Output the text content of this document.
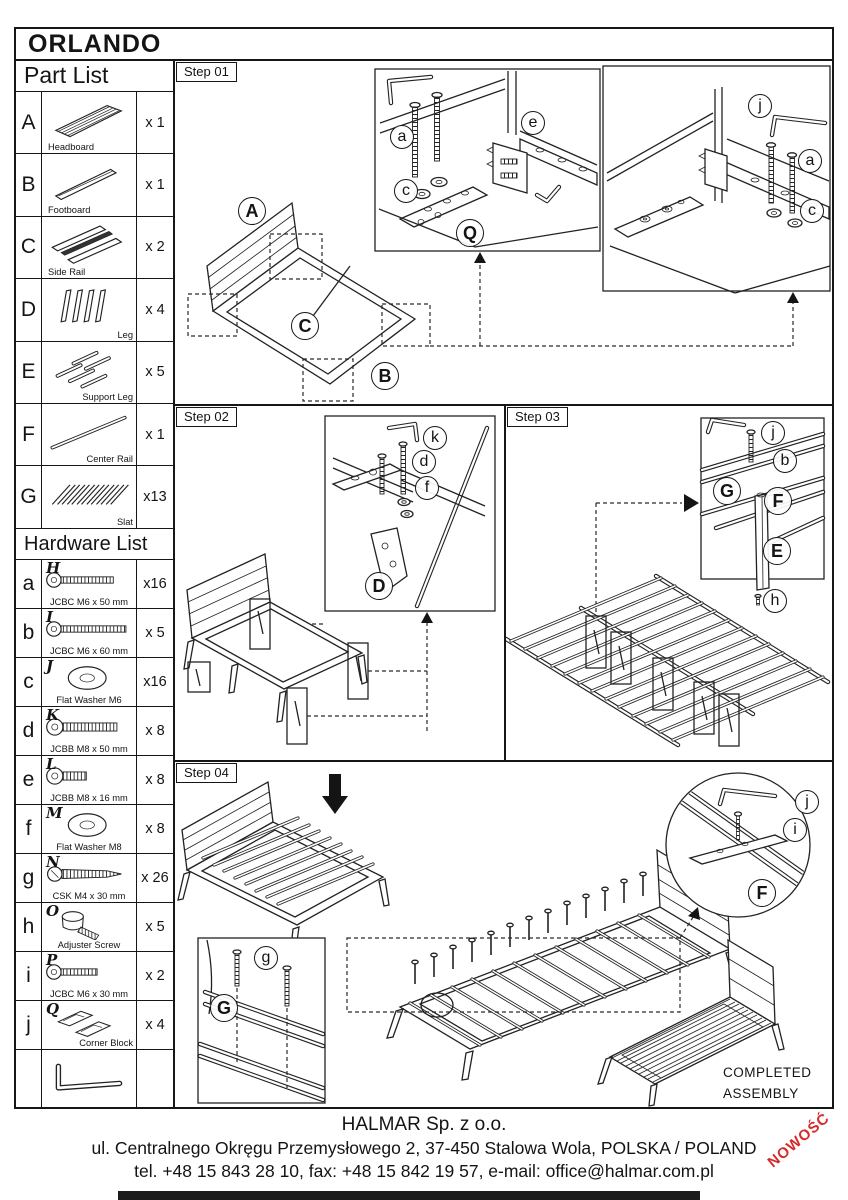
ORLANDO
Part List
A
Headboard
x 1
B
Footboard
x 1
C
Side Rail
x 2
D
Leg
x 4
E
Support Leg
x 5
F
Center Rail
x 1
G
Slat
x13
Hardware List
a
H
JCBC M6 x 50 mm
x16
b
I
JCBC M6 x 60 mm
x 5
c
J
Flat Washer M6
x16
d
K
JCBB M8 x 50 mm
x 8
e
L
JCBB M8 x 16 mm
x 8
f
M
Flat Washer M8
x 8
g
N
CSK M4 x 30 mm
x 26
h
O
Adjuster Screw
x 5
i
P
JCBC M6 x 30 mm
x 2
j
Q
Corner Block
x 4
Step 01
A
C
B
a
e
c
Q
j
a
c
Step 02
k
d
f
D
Step 03
j
b
G	F
E
h
Step 04
g
G
j
i
F
COMPLETED ASSEMBLY
HALMAR Sp. z o.o.
ul. Centralnego Okręgu Przemysłowego 2, 37-450 Stalowa Wola, POLSKA / POLAND
tel. +48 15 843 28 10, fax: +48 15 842 19 57, e-mail: office@halmar.com.pl
NOWOŚĆ
